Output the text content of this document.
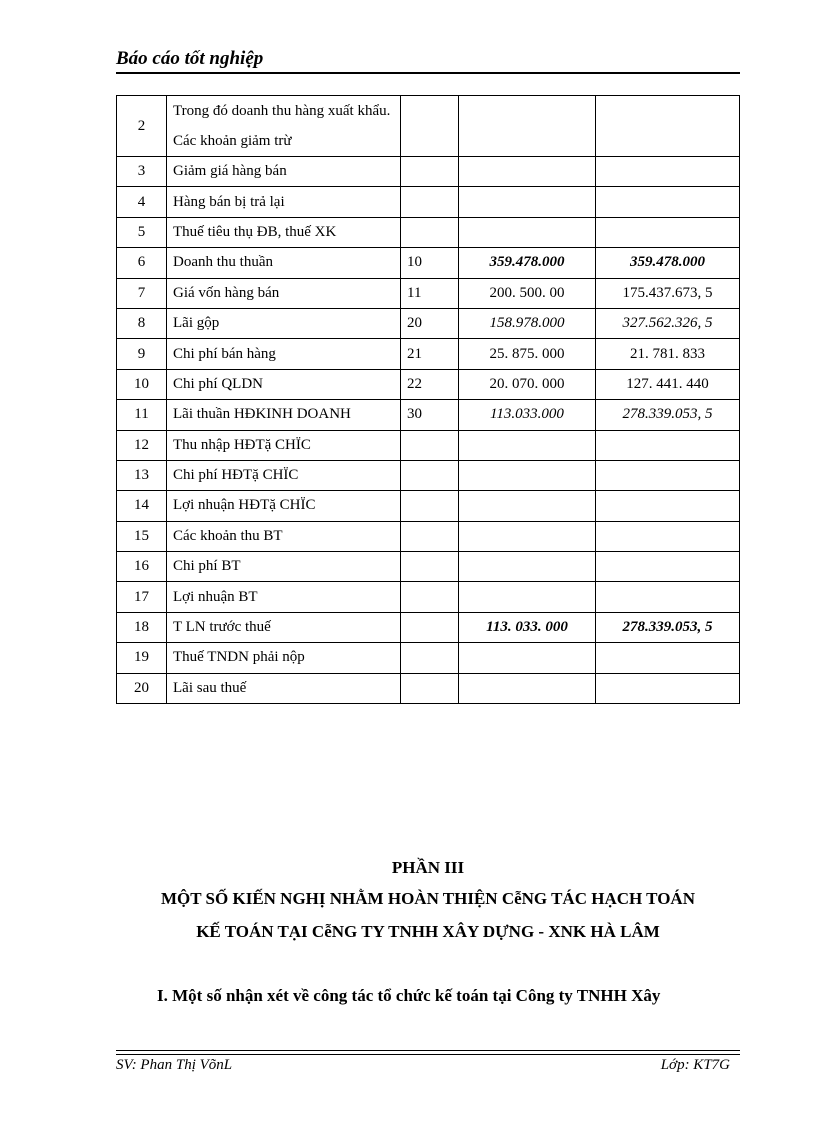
Báo cáo tốt nghiệp
2	Trong đó doanh thu hàng xuất khẩu. Các khoản giảm trừ			
3	Giảm giá hàng bán			
4	Hàng bán bị trả lại			
5	Thuế tiêu thụ ĐB, thuế XK			
6	Doanh thu thuần	10	359.478.000	359.478.000
7	Giá vốn hàng bán	11	200. 500. 00	175.437.673, 5
8	Lãi gộp	20	158.978.000	327.562.326, 5
9	Chi phí bán hàng	21	25. 875. 000	21. 781. 833
10	Chi phí QLDN	22	20. 070. 000	127. 441. 440
11	Lãi thuần HĐKINH DOANH	30	113.033.000	278.339.053, 5
12	Thu nhập HĐTặ CHÏC			
13	Chi phí HĐTặ CHÏC			
14	Lợi nhuận HĐTặ CHÏC			
15	Các khoản thu BT			
16	Chi phí BT			
17	Lợi nhuận BT			
18	T LN trước thuế		113. 033. 000	278.339.053, 5
19	Thuế TNDN phải nộp			
20	Lãi sau thuế			
PHẦN III
MỘT SỐ KIẾN NGHỊ NHẰM HOÀN THIỆN CễNG TÁC HẠCH TOÁN
KẾ TOÁN TẠI CễNG TY TNHH XÂY DỰNG - XNK HÀ LÂM
I. Một số nhận xét về công tác tổ chức kế toán tại Công ty TNHH Xây
SV: Phan Thị VõnL	Lớp: KT7G
